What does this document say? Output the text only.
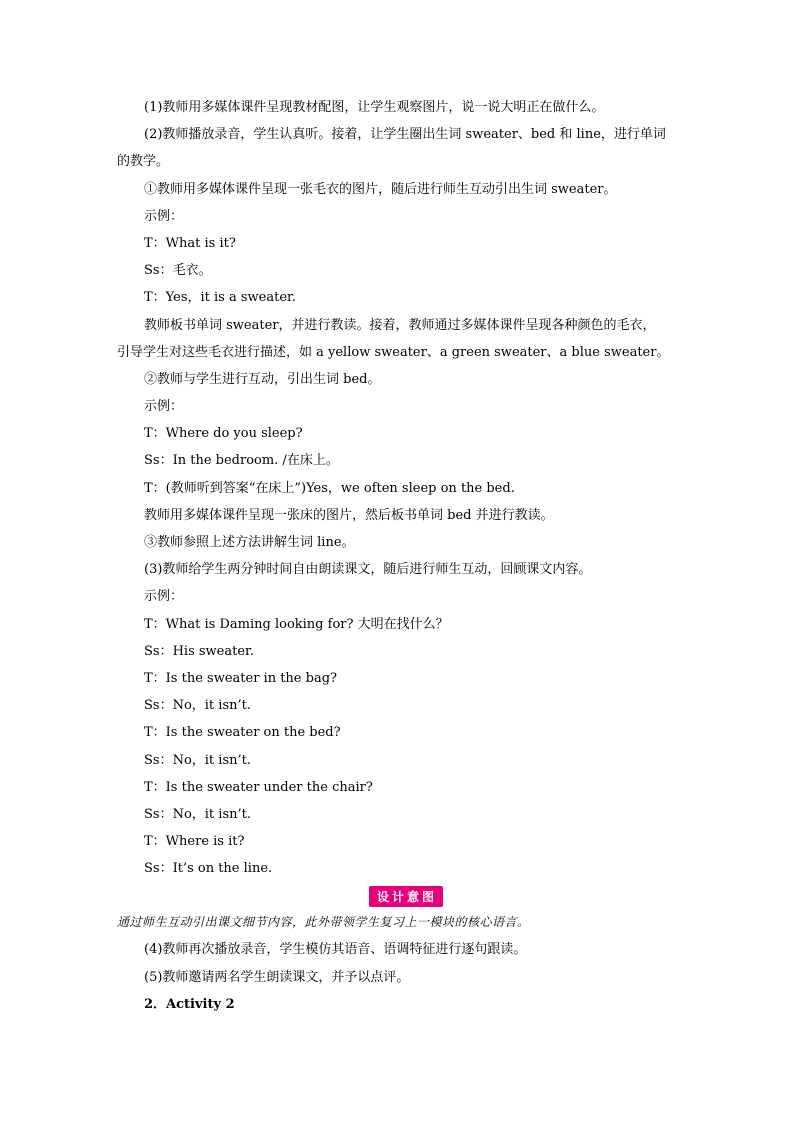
(1)教师用多媒体课件呈现教材配图，让学生观察图片，说一说大明正在做什么。
(2)教师播放录音，学生认真听。接着，让学生圈出生词 sweater、bed 和 line，进行单词
的教学。
①教师用多媒体课件呈现一张毛衣的图片，随后进行师生互动引出生词 sweater。
示例：
T：What is it?
Ss：毛衣。
T：Yes，it is a sweater.
教师板书单词 sweater，并进行教读。接着，教师通过多媒体课件呈现各种颜色的毛衣，
引导学生对这些毛衣进行描述，如 a yellow sweater、a green sweater、a blue sweater。
②教师与学生进行互动，引出生词 bed。
示例：
T：Where do you sleep?
Ss：In the bedroom. /在床上。
T：(教师听到答案“在床上”)Yes，we often sleep on the bed.
教师用多媒体课件呈现一张床的图片，然后板书单词 bed 并进行教读。
③教师参照上述方法讲解生词 line。
(3)教师给学生两分钟时间自由朗读课文，随后进行师生互动，回顾课文内容。
示例：
T：What is Daming looking for? 大明在找什么？
Ss：His sweater.
T：Is the sweater in the bag?
Ss：No，it isn’t.
T：Is the sweater on the bed?
Ss：No，it isn’t.
T：Is the sweater under the chair?
Ss：No，it isn’t.
T：Where is it?
Ss：It’s on the line.
设计意图
通过师生互动引出课文细节内容，此外带领学生复习上一模块的核心语言。
(4)教师再次播放录音，学生模仿其语音、语调特征进行逐句跟读。
(5)教师邀请两名学生朗读课文，并予以点评。
2．Activity 2
